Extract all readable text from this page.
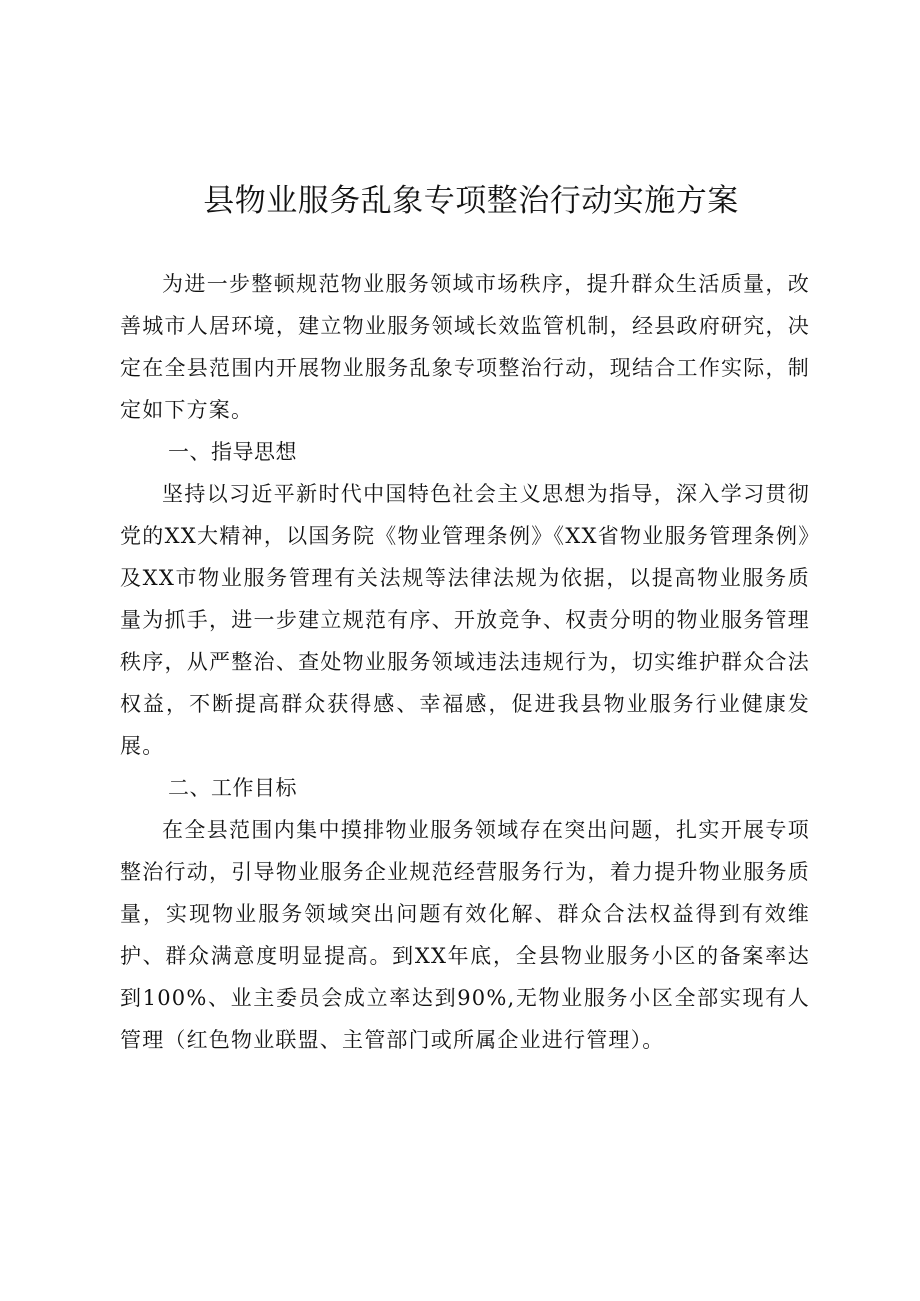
县物业服务乱象专项整治行动实施方案

为进一步整顿规范物业服务领域市场秩序，提升群众生活质量，改善城市人居环境，建立物业服务领域长效监管机制，经县政府研究，决定在全县范围内开展物业服务乱象专项整治行动，现结合工作实际，制定如下方案。

一、指导思想

坚持以习近平新时代中国特色社会主义思想为指导，深入学习贯彻党的XX大精神，以国务院《物业管理条例》《XX省物业服务管理条例》及XX市物业服务管理有关法规等法律法规为依据，以提高物业服务质量为抓手，进一步建立规范有序、开放竞争、权责分明的物业服务管理秩序，从严整治、查处物业服务领域违法违规行为，切实维护群众合法权益，不断提高群众获得感、幸福感，促进我县物业服务行业健康发展。

二、工作目标

在全县范围内集中摸排物业服务领域存在突出问题，扎实开展专项整治行动，引导物业服务企业规范经营服务行为，着力提升物业服务质量，实现物业服务领域突出问题有效化解、群众合法权益得到有效维护、群众满意度明显提高。到XX年底，全县物业服务小区的备案率达到100%、业主委员会成立率达到90%,无物业服务小区全部实现有人管理（红色物业联盟、主管部门或所属企业进行管理）。
